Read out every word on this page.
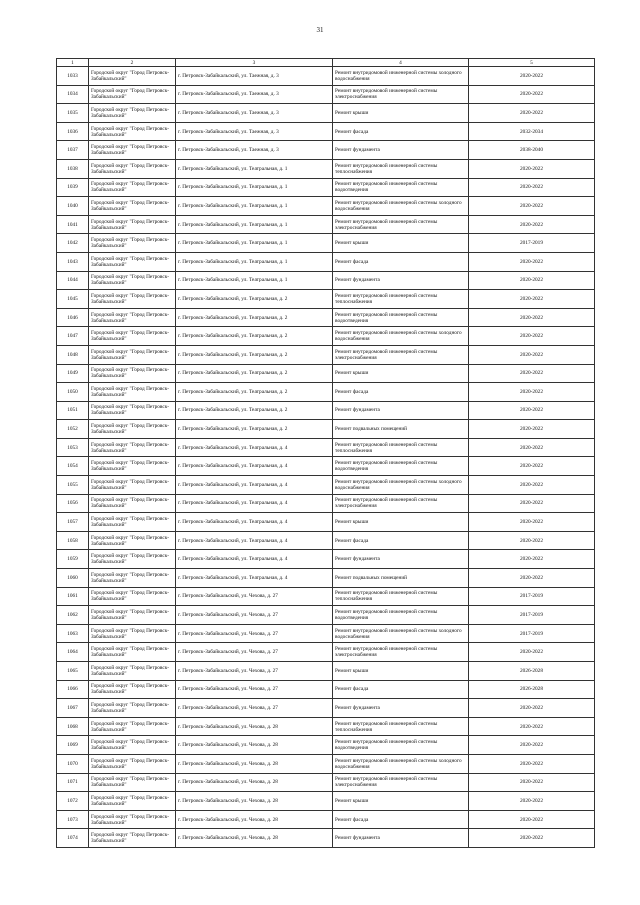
31
1	2	3	4	5
1033	Городской округ "Город Петровск-Забайкальский"	г. Петровск-Забайкальский, ул. Таежная, д. 3	Ремонт внутридомовой инженерной системы холодного водоснабжения	2020-2022
1034	Городской округ "Город Петровск-Забайкальский"	г. Петровск-Забайкальский, ул. Таежная, д. 3	Ремонт внутридомовой инженерной системы электроснабжения	2020-2022
1035	Городской округ "Город Петровск-Забайкальский"	г. Петровск-Забайкальский, ул. Таежная, д. 3	Ремонт крыши	2020-2022
1036	Городской округ "Город Петровск-Забайкальский"	г. Петровск-Забайкальский, ул. Таежная, д. 3	Ремонт фасада	2032-2034
1037	Городской округ "Город Петровск-Забайкальский"	г. Петровск-Забайкальский, ул. Таежная, д. 3	Ремонт фундамента	2038-2040
1038	Городской округ "Город Петровск-Забайкальский"	г. Петровск-Забайкальский, ул. Театральная, д. 1	Ремонт внутридомовой инженерной системы теплоснабжения	2020-2022
1039	Городской округ "Город Петровск-Забайкальский"	г. Петровск-Забайкальский, ул. Театральная, д. 1	Ремонт внутридомовой инженерной системы водоотведения	2020-2022
1040	Городской округ "Город Петровск-Забайкальский"	г. Петровск-Забайкальский, ул. Театральная, д. 1	Ремонт внутридомовой инженерной системы холодного водоснабжения	2020-2022
1041	Городской округ "Город Петровск-Забайкальский"	г. Петровск-Забайкальский, ул. Театральная, д. 1	Ремонт внутридомовой инженерной системы электроснабжения	2020-2022
1042	Городской округ "Город Петровск-Забайкальский"	г. Петровск-Забайкальский, ул. Театральная, д. 1	Ремонт крыши	2017-2019
1043	Городской округ "Город Петровск-Забайкальский"	г. Петровск-Забайкальский, ул. Театральная, д. 1	Ремонт фасада	2020-2022
1044	Городской округ "Город Петровск-Забайкальский"	г. Петровск-Забайкальский, ул. Театральная, д. 1	Ремонт фундамента	2020-2022
1045	Городской округ "Город Петровск-Забайкальский"	г. Петровск-Забайкальский, ул. Театральная, д. 2	Ремонт внутридомовой инженерной системы теплоснабжения	2020-2022
1046	Городской округ "Город Петровск-Забайкальский"	г. Петровск-Забайкальский, ул. Театральная, д. 2	Ремонт внутридомовой инженерной системы водоотведения	2020-2022
1047	Городской округ "Город Петровск-Забайкальский"	г. Петровск-Забайкальский, ул. Театральная, д. 2	Ремонт внутридомовой инженерной системы холодного водоснабжения	2020-2022
1048	Городской округ "Город Петровск-Забайкальский"	г. Петровск-Забайкальский, ул. Театральная, д. 2	Ремонт внутридомовой инженерной системы электроснабжения	2020-2022
1049	Городской округ "Город Петровск-Забайкальский"	г. Петровск-Забайкальский, ул. Театральная, д. 2	Ремонт крыши	2020-2022
1050	Городской округ "Город Петровск-Забайкальский"	г. Петровск-Забайкальский, ул. Театральная, д. 2	Ремонт фасада	2020-2022
1051	Городской округ "Город Петровск-Забайкальский"	г. Петровск-Забайкальский, ул. Театральная, д. 2	Ремонт фундамента	2020-2022
1052	Городской округ "Город Петровск-Забайкальский"	г. Петровск-Забайкальский, ул. Театральная, д. 2	Ремонт подвальных помещений	2020-2022
1053	Городской округ "Город Петровск-Забайкальский"	г. Петровск-Забайкальский, ул. Театральная, д. 4	Ремонт внутридомовой инженерной системы теплоснабжения	2020-2022
1054	Городской округ "Город Петровск-Забайкальский"	г. Петровск-Забайкальский, ул. Театральная, д. 4	Ремонт внутридомовой инженерной системы водоотведения	2020-2022
1055	Городской округ "Город Петровск-Забайкальский"	г. Петровск-Забайкальский, ул. Театральная, д. 4	Ремонт внутридомовой инженерной системы холодного водоснабжения	2020-2022
1056	Городской округ "Город Петровск-Забайкальский"	г. Петровск-Забайкальский, ул. Театральная, д. 4	Ремонт внутридомовой инженерной системы электроснабжения	2020-2022
1057	Городской округ "Город Петровск-Забайкальский"	г. Петровск-Забайкальский, ул. Театральная, д. 4	Ремонт крыши	2020-2022
1058	Городской округ "Город Петровск-Забайкальский"	г. Петровск-Забайкальский, ул. Театральная, д. 4	Ремонт фасада	2020-2022
1059	Городской округ "Город Петровск-Забайкальский"	г. Петровск-Забайкальский, ул. Театральная, д. 4	Ремонт фундамента	2020-2022
1060	Городской округ "Город Петровск-Забайкальский"	г. Петровск-Забайкальский, ул. Театральная, д. 4	Ремонт подвальных помещений	2020-2022
1061	Городской округ "Город Петровск-Забайкальский"	г. Петровск-Забайкальский, ул. Чехова, д. 27	Ремонт внутридомовой инженерной системы теплоснабжения	2017-2019
1062	Городской округ "Город Петровск-Забайкальский"	г. Петровск-Забайкальский, ул. Чехова, д. 27	Ремонт внутридомовой инженерной системы водоотведения	2017-2019
1063	Городской округ "Город Петровск-Забайкальский"	г. Петровск-Забайкальский, ул. Чехова, д. 27	Ремонт внутридомовой инженерной системы холодного водоснабжения	2017-2019
1064	Городской округ "Город Петровск-Забайкальский"	г. Петровск-Забайкальский, ул. Чехова, д. 27	Ремонт внутридомовой инженерной системы электроснабжения	2020-2022
1065	Городской округ "Город Петровск-Забайкальский"	г. Петровск-Забайкальский, ул. Чехова, д. 27	Ремонт крыши	2026-2028
1066	Городской округ "Город Петровск-Забайкальский"	г. Петровск-Забайкальский, ул. Чехова, д. 27	Ремонт фасада	2026-2028
1067	Городской округ "Город Петровск-Забайкальский"	г. Петровск-Забайкальский, ул. Чехова, д. 27	Ремонт фундамента	2020-2022
1068	Городской округ "Город Петровск-Забайкальский"	г. Петровск-Забайкальский, ул. Чехова, д. 28	Ремонт внутридомовой инженерной системы теплоснабжения	2020-2022
1069	Городской округ "Город Петровск-Забайкальский"	г. Петровск-Забайкальский, ул. Чехова, д. 28	Ремонт внутридомовой инженерной системы водоотведения	2020-2022
1070	Городской округ "Город Петровск-Забайкальский"	г. Петровск-Забайкальский, ул. Чехова, д. 28	Ремонт внутридомовой инженерной системы холодного водоснабжения	2020-2022
1071	Городской округ "Город Петровск-Забайкальский"	г. Петровск-Забайкальский, ул. Чехова, д. 28	Ремонт внутридомовой инженерной системы электроснабжения	2020-2022
1072	Городской округ "Город Петровск-Забайкальский"	г. Петровск-Забайкальский, ул. Чехова, д. 28	Ремонт крыши	2020-2022
1073	Городской округ "Город Петровск-Забайкальский"	г. Петровск-Забайкальский, ул. Чехова, д. 28	Ремонт фасада	2020-2022
1074	Городской округ "Город Петровск-Забайкальский"	г. Петровск-Забайкальский, ул. Чехова, д. 28	Ремонт фундамента	2020-2022
